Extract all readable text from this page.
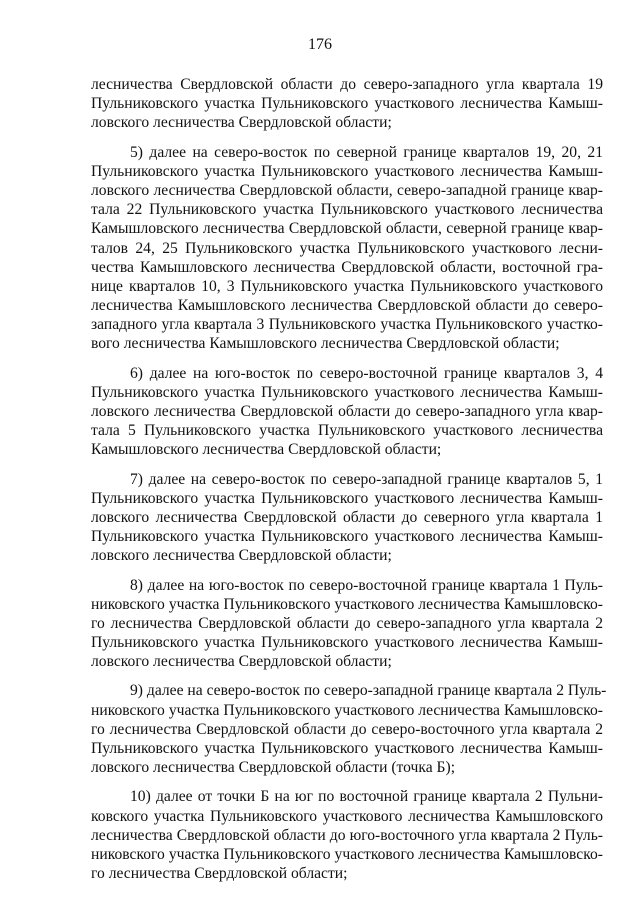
176
лесничества Свердловской области до северо-западного угла квартала 19
Пульниковского участка Пульниковского участкового лесничества Камыш-
ловского лесничества Свердловской области;
5) далее на северо-восток по северной границе кварталов 19, 20, 21
Пульниковского участка Пульниковского участкового лесничества Камыш-
ловского лесничества Свердловской области, северо-западной границе квар-
тала 22 Пульниковского участка Пульниковского участкового лесничества
Камышловского лесничества Свердловской области, северной границе квар-
талов 24, 25 Пульниковского участка Пульниковского участкового лесни-
чества Камышловского лесничества Свердловской области, восточной гра-
нице кварталов 10, 3 Пульниковского участка Пульниковского участкового
лесничества Камышловского лесничества Свердловской области до северо-
западного угла квартала 3 Пульниковского участка Пульниковского участко-
вого лесничества Камышловского лесничества Свердловской области;
6) далее на юго-восток по северо-восточной границе кварталов 3, 4
Пульниковского участка Пульниковского участкового лесничества Камыш-
ловского лесничества Свердловской области до северо-западного угла квар-
тала 5 Пульниковского участка Пульниковского участкового лесничества
Камышловского лесничества Свердловской области;
7) далее на северо-восток по северо-западной границе кварталов 5, 1
Пульниковского участка Пульниковского участкового лесничества Камыш-
ловского лесничества Свердловской области до северного угла квартала 1
Пульниковского участка Пульниковского участкового лесничества Камыш-
ловского лесничества Свердловской области;
8) далее на юго-восток по северо-восточной границе квартала 1 Пуль-
никовского участка Пульниковского участкового лесничества Камышловско-
го лесничества Свердловской области до северо-западного угла квартала 2
Пульниковского участка Пульниковского участкового лесничества Камыш-
ловского лесничества Свердловской области;
9) далее на северо-восток по северо-западной границе квартала 2 Пуль-
никовского участка Пульниковского участкового лесничества Камышловско-
го лесничества Свердловской области до северо-восточного угла квартала 2
Пульниковского участка Пульниковского участкового лесничества Камыш-
ловского лесничества Свердловской области (точка Б);
10) далее от точки Б на юг по восточной границе квартала 2 Пульни-
ковского участка Пульниковского участкового лесничества Камышловского
лесничества Свердловской области до юго-восточного угла квартала 2 Пуль-
никовского участка Пульниковского участкового лесничества Камышловско-
го лесничества Свердловской области;
